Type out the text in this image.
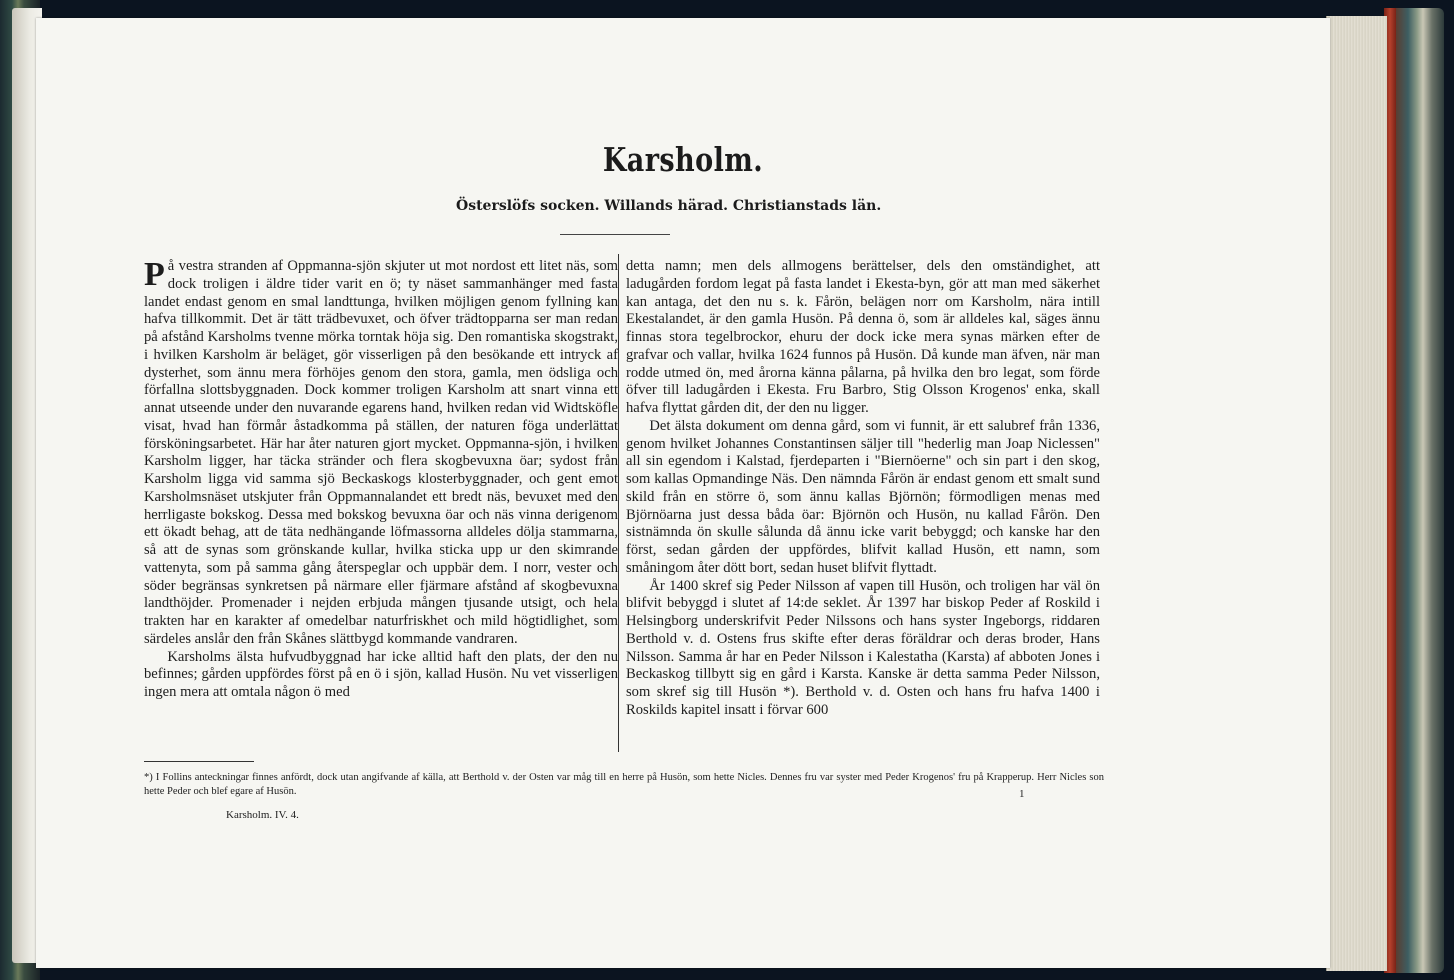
Karsholm.
Österslöfs socken. Willands härad. Christianstads län.

På vestra stranden af Oppmanna-sjön skjuter ut mot nordost ett litet näs, som dock troligen i äldre tider varit en ö; ty näset sammanhänger med fasta landet endast genom en smal landttunga, hvilken möjligen genom fyllning kan hafva tillkommit. Det är tätt trädbevuxet, och öfver trädtopparna ser man redan på afstånd Karsholms tvenne mörka torntak höja sig. Den romantiska skogstrakt, i hvilken Karsholm är beläget, gör visserligen på den besökande ett intryck af dysterhet, som ännu mera förhöjes genom den stora, gamla, men ödsliga och förfallna slottsbyggnaden. Dock kommer troligen Karsholm att snart vinna ett annat utseende under den nuvarande egarens hand, hvilken redan vid Widtsköfle visat, hvad han förmår åstadkomma på ställen, der naturen föga underlättat försköningsarbetet. Här har åter naturen gjort mycket. Oppmanna-sjön, i hvilken Karsholm ligger, har täcka stränder och flera skogbevuxna öar; sydost från Karsholm ligga vid samma sjö Beckaskogs klosterbyggnader, och gent emot Karsholmsnäset utskjuter från Oppmannalandet ett bredt näs, bevuxet med den herrligaste bokskog. Dessa med bokskog bevuxna öar och näs vinna derigenom ett ökadt behag, att de täta nedhängande löfmassorna alldeles dölja stammarna, så att de synas som grönskande kullar, hvilka sticka upp ur den skimrande vattenyta, som på samma gång återspeglar och uppbär dem. I norr, vester och söder begränsas synkretsen på närmare eller fjärmare afstånd af skogbevuxna landthöjder. Promenader i nejden erbjuda mången tjusande utsigt, och hela trakten har en karakter af omedelbar naturfriskhet och mild högtidlighet, som särdeles anslår den från Skånes slättbygd kommande vandraren.

Karsholms älsta hufvudbyggnad har icke alltid haft den plats, der den nu befinnes; gården uppfördes först på en ö i sjön, kallad Husön. Nu vet visserligen ingen mera att omtala någon ö med

detta namn; men dels allmogens berättelser, dels den omständighet, att ladugården fordom legat på fasta landet i Ekesta-byn, gör att man med säkerhet kan antaga, det den nu s. k. Fårön, belägen norr om Karsholm, nära intill Ekestalandet, är den gamla Husön. På denna ö, som är alldeles kal, säges ännu finnas stora tegelbrockor, ehuru der dock icke mera synas märken efter de grafvar och vallar, hvilka 1624 funnos på Husön. Då kunde man äfven, när man rodde utmed ön, med årorna känna pålarna, på hvilka den bro legat, som förde öfver till ladugården i Ekesta. Fru Barbro, Stig Olsson Krogenos' enka, skall hafva flyttat gården dit, der den nu ligger.

Det älsta dokument om denna gård, som vi funnit, är ett salubref från 1336, genom hvilket Johannes Constantinsen säljer till "hederlig man Joap Niclessen" all sin egendom i Kalstad, fjerdeparten i "Biernöerne" och sin part i den skog, som kallas Opmandinge Näs. Den nämnda Fårön är endast genom ett smalt sund skild från en större ö, som ännu kallas Björnön; förmodligen menas med Björnöarna just dessa båda öar: Björnön och Husön, nu kallad Fårön. Den sistnämnda ön skulle sålunda då ännu icke varit bebyggd; och kanske har den först, sedan gården der uppfördes, blifvit kallad Husön, ett namn, som småningom åter dött bort, sedan huset blifvit flyttadt.

År 1400 skref sig Peder Nilsson af vapen till Husön, och troligen har väl ön blifvit bebyggd i slutet af 14:de seklet. År 1397 har biskop Peder af Roskild i Helsingborg underskrifvit Peder Nilssons och hans syster Ingeborgs, riddaren Berthold v. d. Ostens frus skifte efter deras föräldrar och deras broder, Hans Nilsson. Samma år har en Peder Nilsson i Kalestatha (Karsta) af abboten Jones i Beckaskog tillbytt sig en gård i Karsta. Kanske är detta samma Peder Nilsson, som skref sig till Husön *). Berthold v. d. Osten och hans fru hafva 1400 i Roskilds kapitel insatt i förvar 600

*) I Follins anteckningar finnes anfördt, dock utan angifvande af källa, att Berthold v. der Osten var måg till en herre på Husön, som hette Nicles. Dennes fru var syster med Peder Krogenos' fru på Krapperup. Herr Nicles son hette Peder och blef egare af Husön.
Karsholm. IV. 4.
1
